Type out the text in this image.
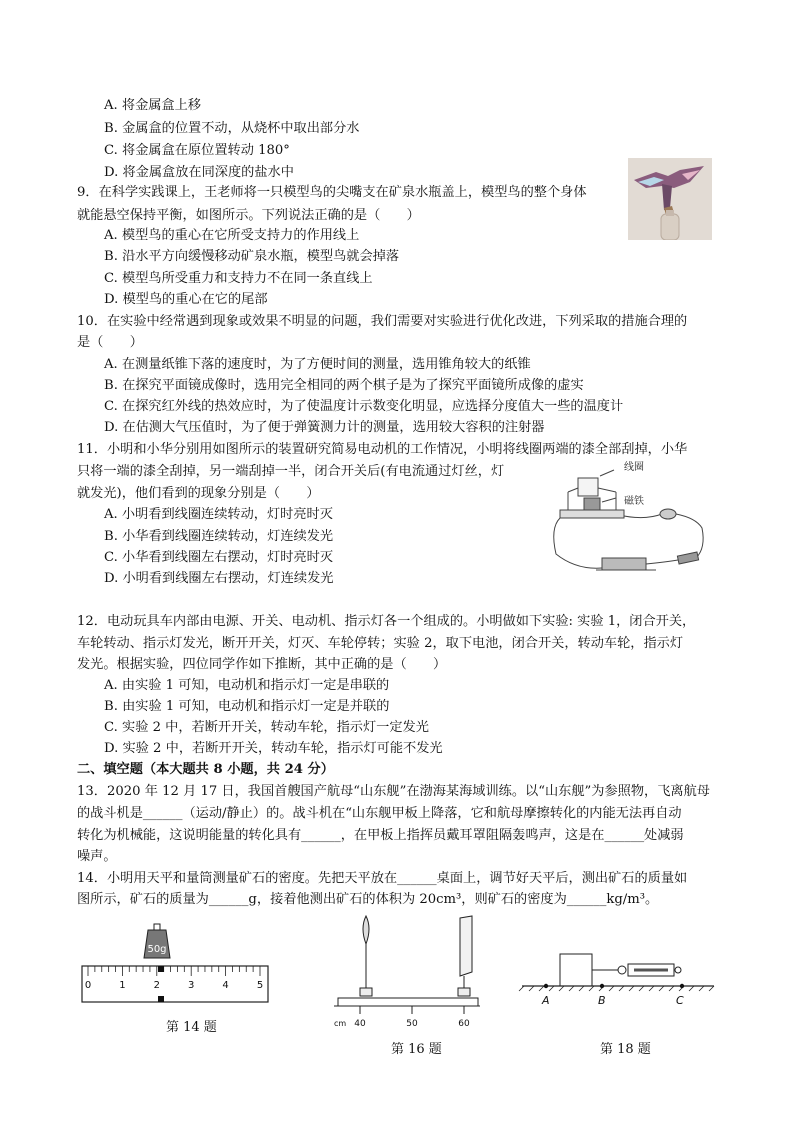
A. 将金属盒上移
B. 金属盒的位置不动，从烧杯中取出部分水
C. 将金属盒在原位置转动 180°
D. 将金属盒放在同深度的盐水中
9．在科学实践课上，王老师将一只模型鸟的尖嘴支在矿泉水瓶盖上，模型鸟的整个身体
就能悬空保持平衡，如图所示。下列说法正确的是（　　）
A. 模型鸟的重心在它所受支持力的作用线上
B. 沿水平方向缓慢移动矿泉水瓶，模型鸟就会掉落
C. 模型鸟所受重力和支持力不在同一条直线上
D. 模型鸟的重心在它的尾部
10．在实验中经常遇到现象或效果不明显的问题，我们需要对实验进行优化改进，下列采取的措施合理的
是（　　）
A. 在测量纸锥下落的速度时，为了方便时间的测量，选用锥角较大的纸锥
B. 在探究平面镜成像时，选用完全相同的两个棋子是为了探究平面镜所成像的虚实
C. 在探究红外线的热效应时，为了使温度计示数变化明显，应选择分度值大一些的温度计
D. 在估测大气压值时，为了便于弹簧测力计的测量，选用较大容积的注射器
11．小明和小华分别用如图所示的装置研究简易电动机的工作情况，小明将线圈两端的漆全部刮掉，小华
只将一端的漆全刮掉，另一端刮掉一半，闭合开关后(有电流通过灯丝，灯
就发光)，他们看到的现象分别是（　　）
A. 小明看到线圈连续转动，灯时亮时灭
B. 小华看到线圈连续转动，灯连续发光
C. 小华看到线圈左右摆动，灯时亮时灭
D. 小明看到线圈左右摆动，灯连续发光
线圈
磁铁
12．电动玩具车内部由电源、开关、电动机、指示灯各一个组成的。小明做如下实验: 实验 1，闭合开关，
车轮转动、指示灯发光，断开开关，灯灭、车轮停转；实验 2，取下电池，闭合开关，转动车轮，指示灯
发光。根据实验，四位同学作如下推断，其中正确的是（　　）
A. 由实验 1 可知，电动机和指示灯一定是串联的
B. 由实验 1 可知，电动机和指示灯一定是并联的
C. 实验 2 中，若断开开关，转动车轮，指示灯一定发光
D. 实验 2 中，若断开开关，转动车轮，指示灯可能不发光
二、填空题（本大题共 8 小题，共 24 分）
13．2020 年 12 月 17 日，我国首艘国产航母“山东舰”在渤海某海域训练。以“山东舰”为参照物，飞离航母
的战斗机是______（运动/静止）的。战斗机在“山东舰甲板上降落，它和航母摩擦转化的内能无法再自动
转化为机械能，这说明能量的转化具有______，在甲板上指挥员戴耳罩阻隔轰鸣声，这是在______处减弱
噪声。
14．小明用天平和量筒测量矿石的密度。先把天平放在______桌面上，调节好天平后，测出矿石的质量如
图所示，矿石的质量为______g，接着他测出矿石的体积为 20cm³，则矿石的密度为______kg/m³。
50g
0	1	2	3	4	5
第 14 题	cm 40	50	60
第 16 题
A	B	C
第 18 题
